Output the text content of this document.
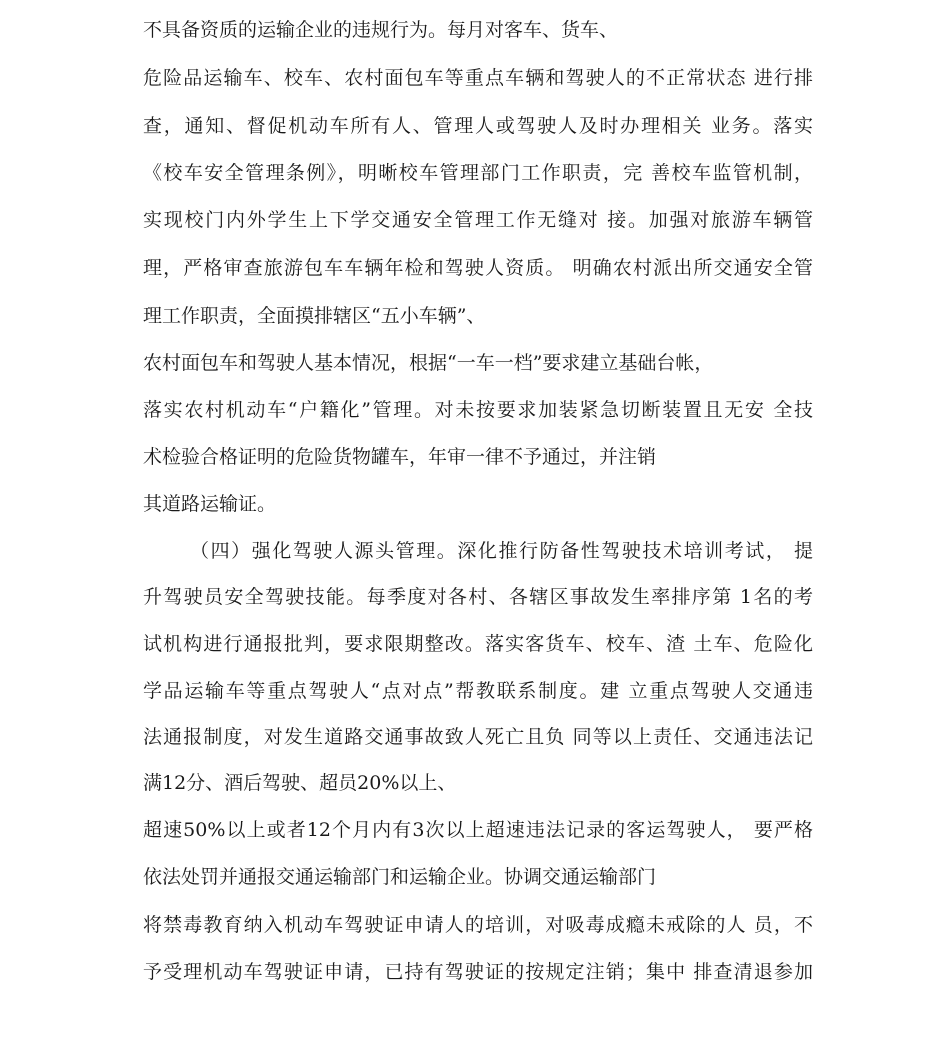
不具备资质的运输企业的违规行为。每月对客车、货车、
危险品运输车、校车、农村面包车等重点车辆和驾驶人的不正常状态 进行排
查，通知、督促机动车所有人、管理人或驾驶人及时办理相关 业务。落实
《校车安全管理条例》，明晰校车管理部门工作职责，完 善校车监管机制，
实现校门内外学生上下学交通安全管理工作无缝对 接。加强对旅游车辆管
理，严格审查旅游包车车辆年检和驾驶人资质。 明确农村派出所交通安全管
理工作职责，全面摸排辖区“五小车辆”、
农村面包车和驾驶人基本情况，根据“一车一档”要求建立基础台帐，
落实农村机动车“户籍化”管理。对未按要求加装紧急切断装置且无安 全技
术检验合格证明的危险货物罐车，年审一律不予通过，并注销
其道路运输证。
（四）强化驾驶人源头管理。深化推行防备性驾驶技术培训考试， 提
升驾驶员安全驾驶技能。每季度对各村、各辖区事故发生率排序第 1名的考
试机构进行通报批判，要求限期整改。落实客货车、校车、渣 土车、危险化
学品运输车等重点驾驶人“点对点”帮教联系制度。建 立重点驾驶人交通违
法通报制度，对发生道路交通事故致人死亡且负 同等以上责任、交通违法记
满12分、酒后驾驶、超员20%以上、
超速50%以上或者12个月内有3次以上超速违法记录的客运驾驶人， 要严格
依法处罚并通报交通运输部门和运输企业。协调交通运输部门
将禁毒教育纳入机动车驾驶证申请人的培训，对吸毒成瘾未戒除的人 员，不
予受理机动车驾驶证申请，已持有驾驶证的按规定注销；集中 排查清退参加
